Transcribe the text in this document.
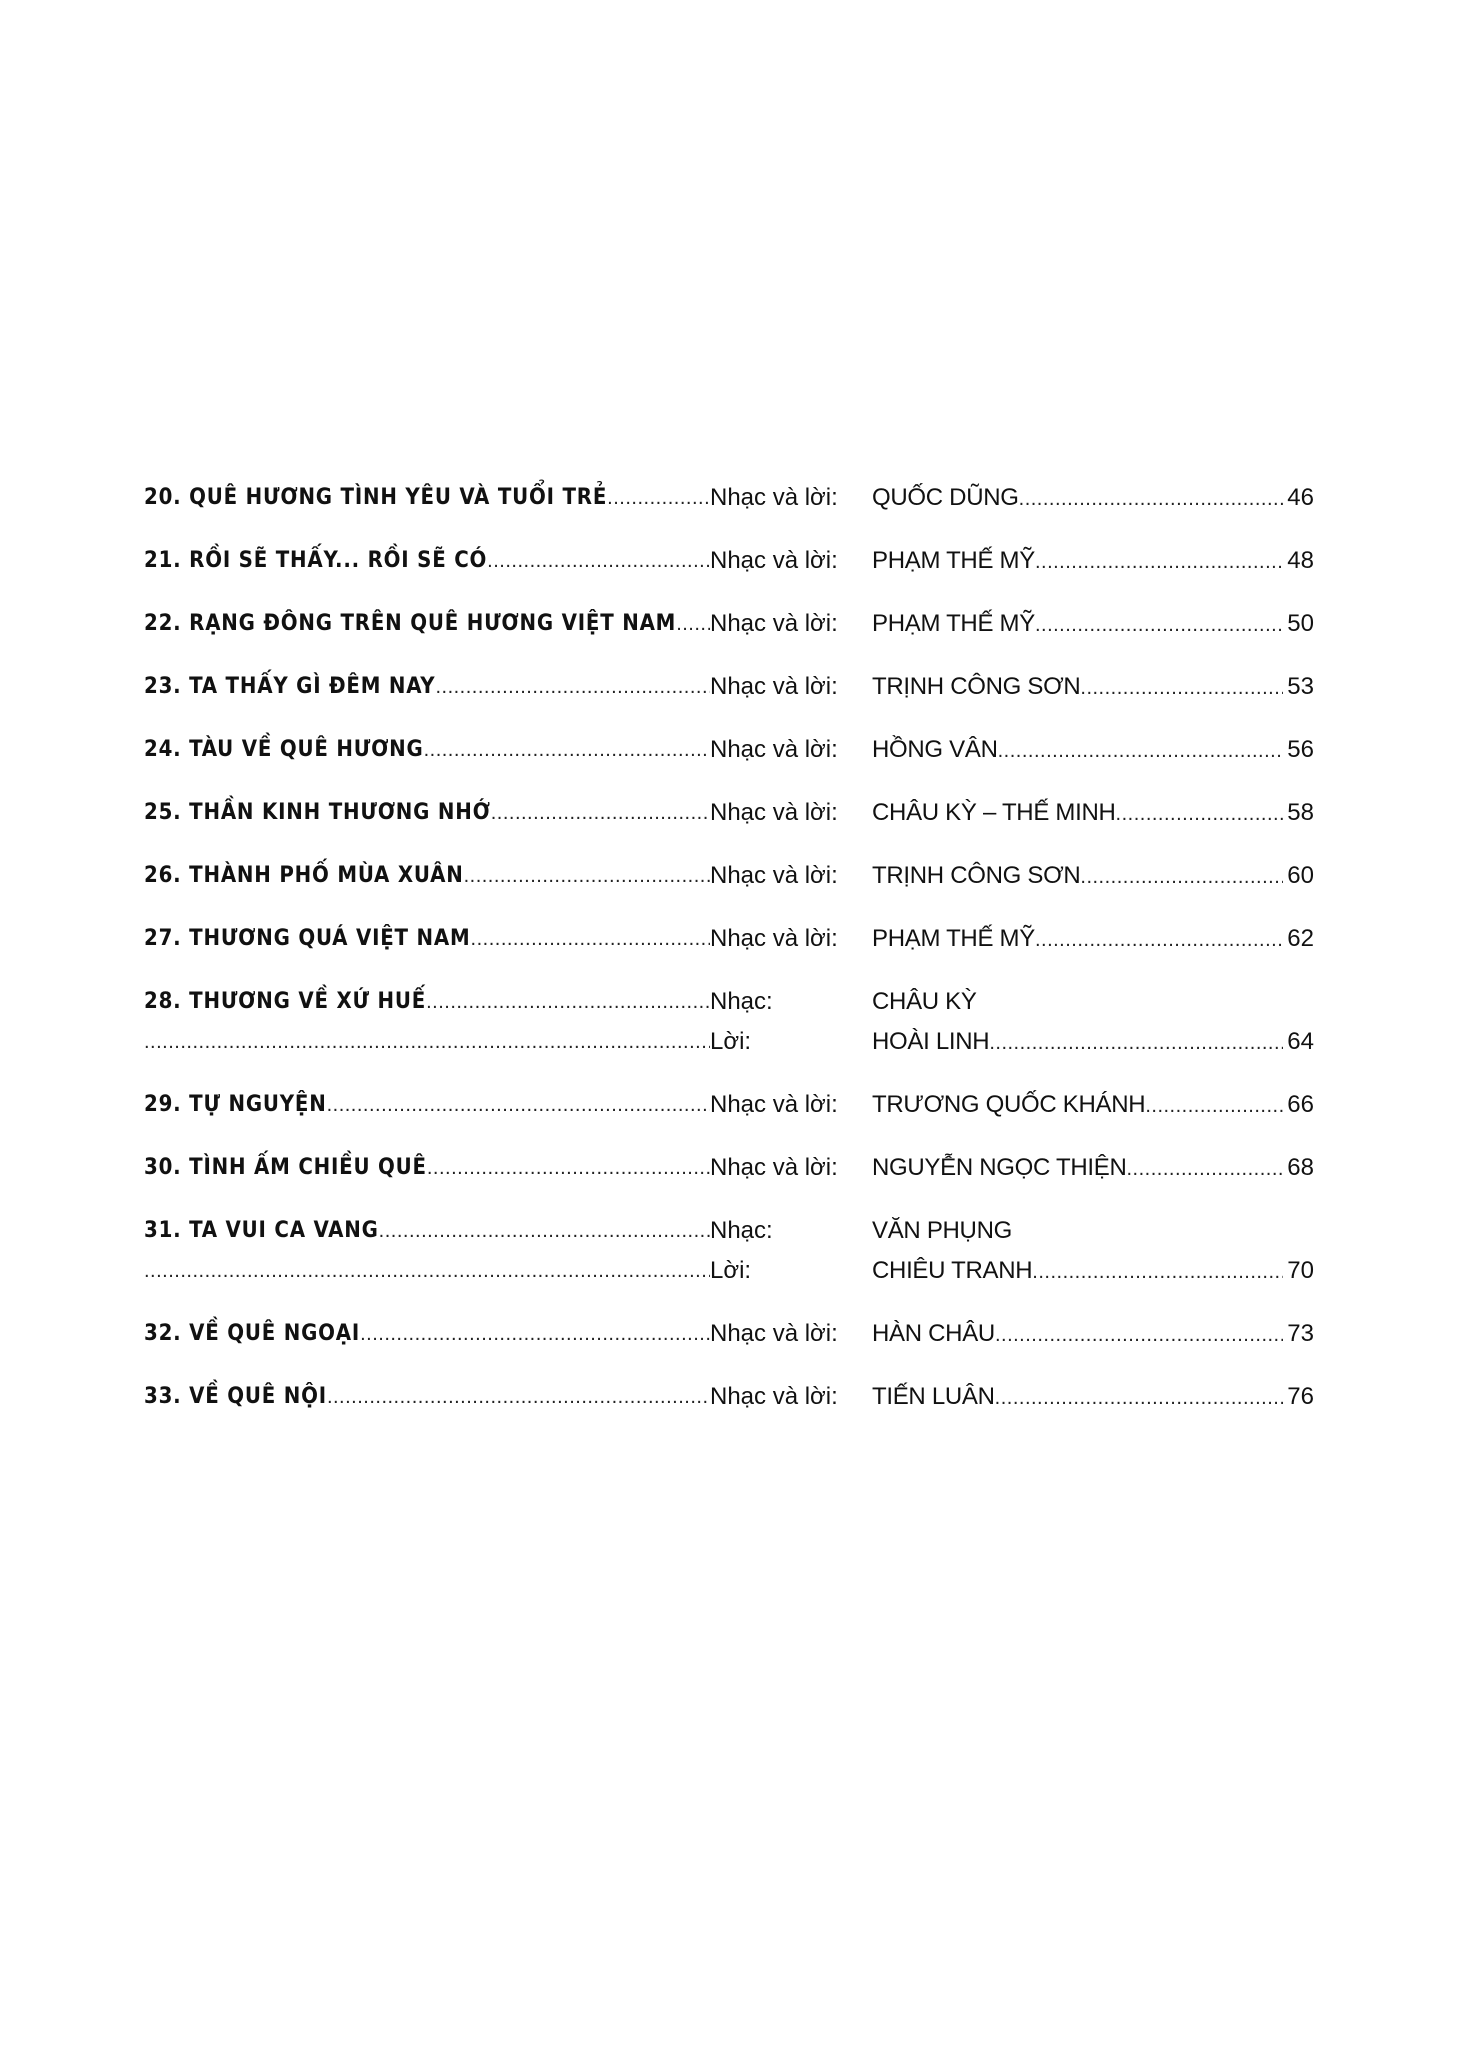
20. QUÊ HƯƠNG TÌNH YÊU VÀ TUỔI TRẺ .....	Nhạc và lời: QUỐC DŨNG .....	46
21. RỒI SẼ THẤY... RỒI SẼ CÓ .....	Nhạc và lời: PHẠM THẾ MỸ .....	48
22. RẠNG ĐÔNG TRÊN QUÊ HƯƠNG VIỆT NAM ..... Nhạc và lời: PHẠM THẾ MỸ .....	50
23. TA THẤY GÌ ĐÊM NAY .....	Nhạc và lời: TRỊNH CÔNG SƠN .....	53
24. TÀU VỀ QUÊ HƯƠNG .....	Nhạc và lời: HỒNG VÂN .....	56
25. THẦN KINH THƯƠNG NHỚ .....	Nhạc và lời: CHÂU KỲ – THẾ MINH .....	58
26. THÀNH PHỐ MÙA XUÂN .....	Nhạc và lời: TRỊNH CÔNG SƠN .....	60
27. THƯƠNG QUÁ VIỆT NAM .....	Nhạc và lời: PHẠM THẾ MỸ .....	62
28. THƯƠNG VỀ XỨ HUẾ .....	Nhạc:	CHÂU KỲ
.....
Lời:	HOÀI LINH .....	64
29. TỰ NGUYỆN .....	Nhạc và lời: TRƯƠNG QUỐC KHÁNH .....	66
30. TÌNH ẤM CHIỀU QUÊ .....	Nhạc và lời: NGUYỄN NGỌC THIỆN .....	68
31. TA VUI CA VANG .....	Nhạc:	VĂN PHỤNG
.....
Lời:	CHIÊU TRANH .....	70
32. VỀ QUÊ NGOẠI .....	Nhạc và lời: HÀN CHÂU .....	73
33. VỀ QUÊ NỘI .....	Nhạc và lời: TIẾN LUÂN .....	76
